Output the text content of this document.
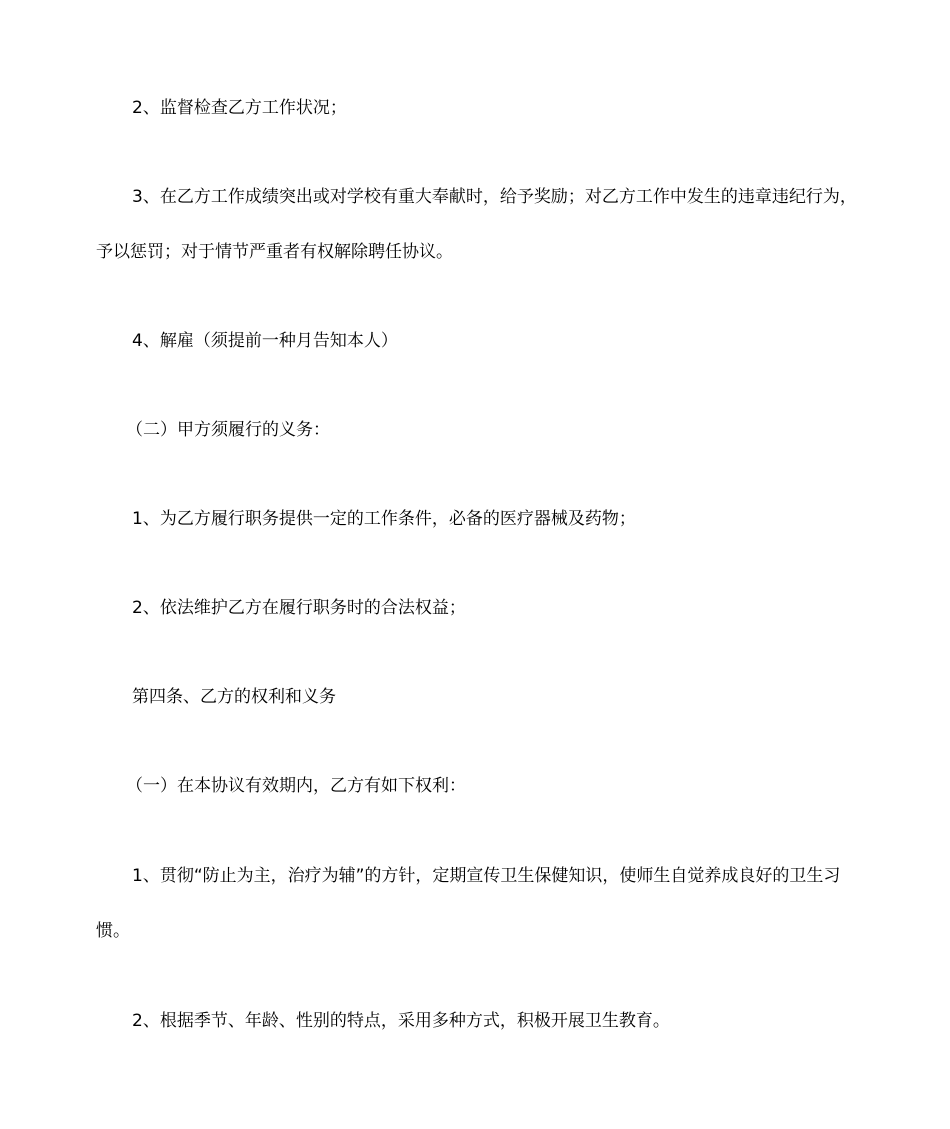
2、监督检查乙方工作状况；

3、在乙方工作成绩突出或对学校有重大奉献时，给予奖励；对乙方工作中发生的违章违纪行为，予以惩罚；对于情节严重者有权解除聘任协议。

4、解雇（须提前一种月告知本人）

（二）甲方须履行的义务：

1、为乙方履行职务提供一定的工作条件，必备的医疗器械及药物；

2、依法维护乙方在履行职务时的合法权益；

第四条、乙方的权利和义务

（一）在本协议有效期内，乙方有如下权利：

1、贯彻“防止为主，治疗为辅”的方针，定期宣传卫生保健知识，使师生自觉养成良好的卫生习惯。

2、根据季节、年龄、性别的特点，采用多种方式，积极开展卫生教育。
